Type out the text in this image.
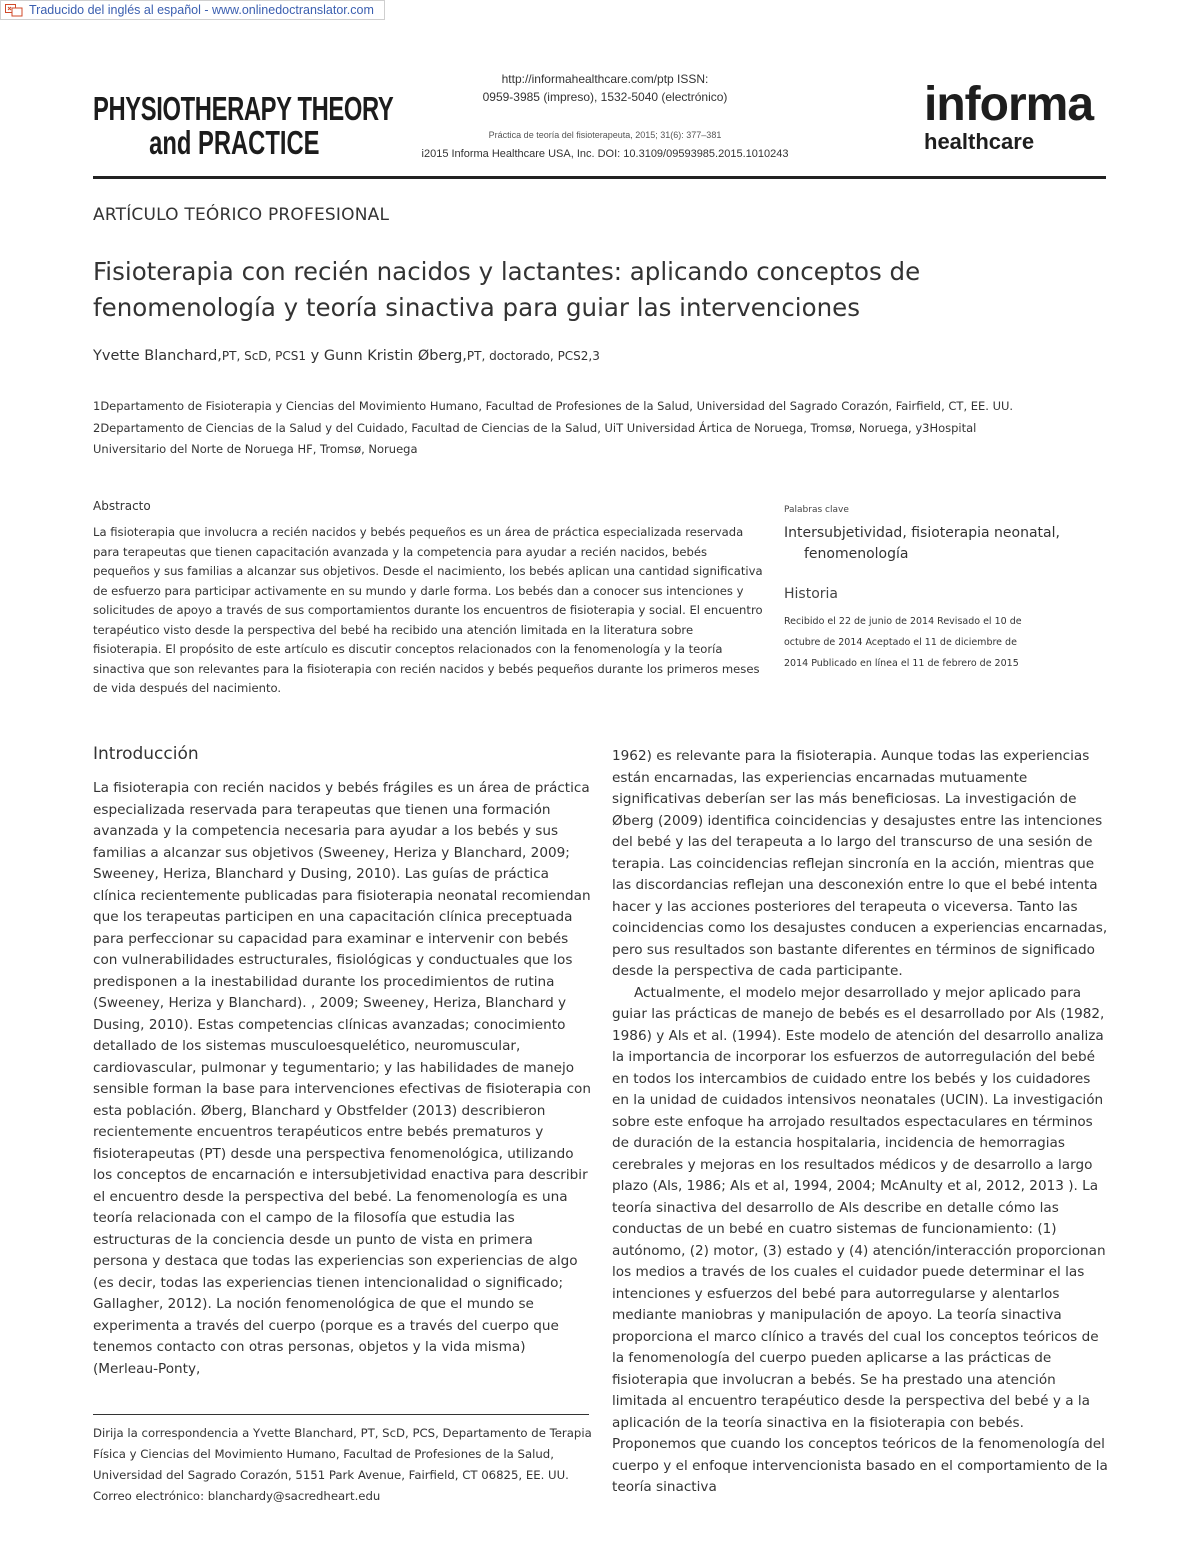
Traducido del inglés al español - www.onlinedoctranslator.com
PHYSIOTHERAPY THEORY
and PRACTICE
http://informahealthcare.com/ptp ISSN:
0959-3985 (impreso), 1532-5040 (electrónico)
Práctica de teoría del fisioterapeuta, 2015; 31(6): 377–381
i2015 Informa Healthcare USA, Inc. DOI: 10.3109/09593985.2015.1010243
informa
healthcare
ARTÍCULO TEÓRICO PROFESIONAL
Fisioterapia con recién nacidos y lactantes: aplicando conceptos de fenomenología y teoría sinactiva para guiar las intervenciones
Yvette Blanchard,PT, ScD, PCS1 y Gunn Kristin Øberg,PT, doctorado, PCS2,3
1Departamento de Fisioterapia y Ciencias del Movimiento Humano, Facultad de Profesiones de la Salud, Universidad del Sagrado Corazón, Fairfield, CT, EE. UU.
2Departamento de Ciencias de la Salud y del Cuidado, Facultad de Ciencias de la Salud, UiT Universidad Ártica de Noruega, Tromsø, Noruega, y3Hospital Universitario del Norte de Noruega HF, Tromsø, Noruega
Abstracto

La fisioterapia que involucra a recién nacidos y bebés pequeños es un área de práctica especializada reservada para terapeutas que tienen capacitación avanzada y la competencia para ayudar a recién nacidos, bebés pequeños y sus familias a alcanzar sus objetivos. Desde el nacimiento, los bebés aplican una cantidad significativa de esfuerzo para participar activamente en su mundo y darle forma. Los bebés dan a conocer sus intenciones y solicitudes de apoyo a través de sus comportamientos durante los encuentros de fisioterapia y social. El encuentro terapéutico visto desde la perspectiva del bebé ha recibido una atención limitada en la literatura sobre fisioterapia. El propósito de este artículo es discutir conceptos relacionados con la fenomenología y la teoría sinactiva que son relevantes para la fisioterapia con recién nacidos y bebés pequeños durante los primeros meses de vida después del nacimiento.

Palabras clave
Intersubjetividad, fisioterapia neonatal,
fenomenología
Historia
Recibido el 22 de junio de 2014 Revisado el 10 de
octubre de 2014 Aceptado el 11 de diciembre de
2014 Publicado en línea el 11 de febrero de 2015
Introducción

La fisioterapia con recién nacidos y bebés frágiles es un área de práctica especializada reservada para terapeutas que tienen una formación avanzada y la competencia necesaria para ayudar a los bebés y sus familias a alcanzar sus objetivos (Sweeney, Heriza y Blanchard, 2009; Sweeney, Heriza, Blanchard y Dusing, 2010). Las guías de práctica clínica recientemente publicadas para fisioterapia neonatal recomiendan que los terapeutas participen en una capacitación clínica preceptuada para perfeccionar su capacidad para examinar e intervenir con bebés con vulnerabilidades estructurales, fisiológicas y conductuales que los predisponen a la inestabilidad durante los procedimientos de rutina (Sweeney, Heriza y Blanchard). , 2009; Sweeney, Heriza, Blanchard y Dusing, 2010). Estas competencias clínicas avanzadas; conocimiento detallado de los sistemas musculoesquelético, neuromuscular, cardiovascular, pulmonar y tegumentario; y las habilidades de manejo sensible forman la base para intervenciones efectivas de fisioterapia con esta población. Øberg, Blanchard y Obstfelder (2013) describieron recientemente encuentros terapéuticos entre bebés prematuros y fisioterapeutas (PT) desde una perspectiva fenomenológica, utilizando los conceptos de encarnación e intersubjetividad enactiva para describir el encuentro desde la perspectiva del bebé. La fenomenología es una teoría relacionada con el campo de la filosofía que estudia las estructuras de la conciencia desde un punto de vista en primera persona y destaca que todas las experiencias son experiencias de algo (es decir, todas las experiencias tienen intencionalidad o significado; Gallagher, 2012). La noción fenomenológica de que el mundo se experimenta a través del cuerpo (porque es a través del cuerpo que tenemos contacto con otras personas, objetos y la vida misma) (Merleau-Ponty,

1962) es relevante para la fisioterapia. Aunque todas las experiencias están encarnadas, las experiencias encarnadas mutuamente significativas deberían ser las más beneficiosas. La investigación de Øberg (2009) identifica coincidencias y desajustes entre las intenciones del bebé y las del terapeuta a lo largo del transcurso de una sesión de terapia. Las coincidencias reflejan sincronía en la acción, mientras que las discordancias reflejan una desconexión entre lo que el bebé intenta hacer y las acciones posteriores del terapeuta o viceversa. Tanto las coincidencias como los desajustes conducen a experiencias encarnadas, pero sus resultados son bastante diferentes en términos de significado desde la perspectiva de cada participante.

Actualmente, el modelo mejor desarrollado y mejor aplicado para guiar las prácticas de manejo de bebés es el desarrollado por Als (1982, 1986) y Als et al. (1994). Este modelo de atención del desarrollo analiza la importancia de incorporar los esfuerzos de autorregulación del bebé en todos los intercambios de cuidado entre los bebés y los cuidadores en la unidad de cuidados intensivos neonatales (UCIN). La investigación sobre este enfoque ha arrojado resultados espectaculares en términos de duración de la estancia hospitalaria, incidencia de hemorragias cerebrales y mejoras en los resultados médicos y de desarrollo a largo plazo (Als, 1986; Als et al, 1994, 2004; McAnulty et al, 2012, 2013 ). La teoría sinactiva del desarrollo de Als describe en detalle cómo las conductas de un bebé en cuatro sistemas de funcionamiento: (1) autónomo, (2) motor, (3) estado y (4) atención/interacción proporcionan los medios a través de los cuales el cuidador puede determinar el las intenciones y esfuerzos del bebé para autorregularse y alentarlos mediante maniobras y manipulación de apoyo. La teoría sinactiva proporciona el marco clínico a través del cual los conceptos teóricos de la fenomenología del cuerpo pueden aplicarse a las prácticas de fisioterapia que involucran a bebés. Se ha prestado una atención limitada al encuentro terapéutico desde la perspectiva del bebé y a la aplicación de la teoría sinactiva en la fisioterapia con bebés. Proponemos que cuando los conceptos teóricos de la fenomenología del cuerpo y el enfoque intervencionista basado en el comportamiento de la teoría sinactiva

Dirija la correspondencia a Yvette Blanchard, PT, ScD, PCS, Departamento de Terapia Física y Ciencias del Movimiento Humano, Facultad de Profesiones de la Salud, Universidad del Sagrado Corazón, 5151 Park Avenue, Fairfield, CT 06825, EE. UU. Correo electrónico: blanchardy@sacredheart.edu
